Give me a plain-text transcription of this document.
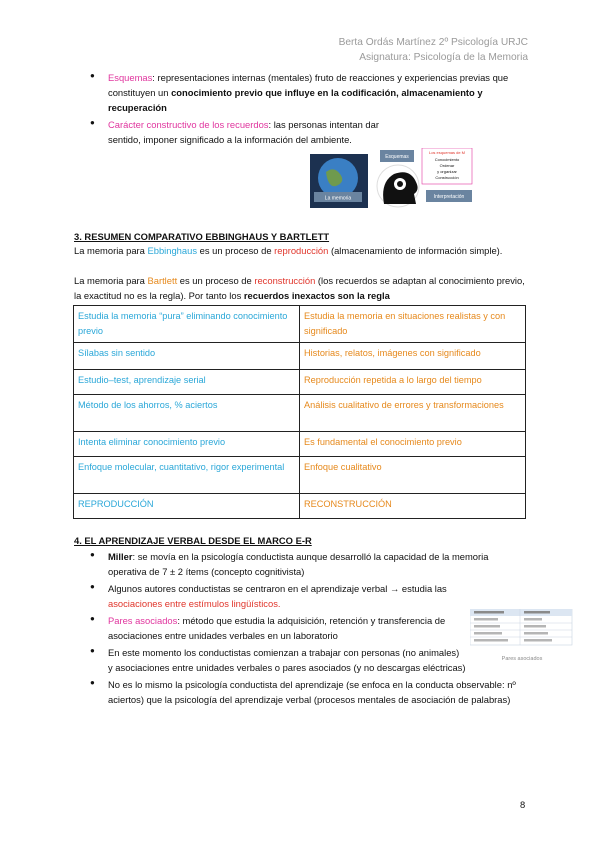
Berta Ordás Martínez 2º Psicología URJC
Asignatura: Psicología de la Memoria
● Esquemas: representaciones internas (mentales) fruto de reacciones y experiencias previas que constituyen un conocimiento previo que influye en la codificación, almacenamiento y recuperación
● Carácter constructivo de los recuerdos: las personas intentan dar sentido, imponer significado a la información del ambiente.
La memoria
Esquemas
Interpretación
Los esquemas de M
Conocimiento
Ordenar
y organizar
Construcción
3. RESUMEN COMPARATIVO EBBINGHAUS Y BARTLETT
La memoria para Ebbinghaus es un proceso de reproducción (almacenamiento de información simple).
La memoria para Bartlett es un proceso de reconstrucción (los recuerdos se adaptan al conocimiento previo, la exactitud no es la regla). Por tanto los recuerdos inexactos son la regla
Estudia la memoria “pura” eliminando conocimiento previo	Estudia la memoria en situaciones realistas y con significado
Sílabas sin sentido	Historias, relatos, imágenes con significado
Estudio–test, aprendizaje serial	Reproducción repetida a lo largo del tiempo
Método de los ahorros, % aciertos	Análisis cualitativo de errores y transformaciones
Intenta eliminar conocimiento previo	Es fundamental el conocimiento previo
Enfoque molecular, cuantitativo, rigor experimental	Enfoque cualitativo
REPRODUCCIÓN	RECONSTRUCCIÓN
4. EL APRENDIZAJE VERBAL DESDE EL MARCO E-R
● Miller: se movía en la psicología conductista aunque desarrolló la capacidad de la memoria operativa de 7 ± 2 ítems (concepto cognitivista)
● Algunos autores conductistas se centraron en el aprendizaje verbal → estudia las asociaciones entre estímulos lingüísticos.
● Pares asociados: método que estudia la adquisición, retención y transferencia de asociaciones entre unidades verbales en un laboratorio
● En este momento los conductistas comienzan a trabajar con personas (no animales) y asociaciones entre unidades verbales o pares asociados (y no descargas eléctricas)
● No es lo mismo la psicología conductista del aprendizaje (se enfoca en la conducta observable: nº aciertos) que la psicología del aprendizaje verbal (procesos mentales de asociación de palabras)
Pares asociados
8
